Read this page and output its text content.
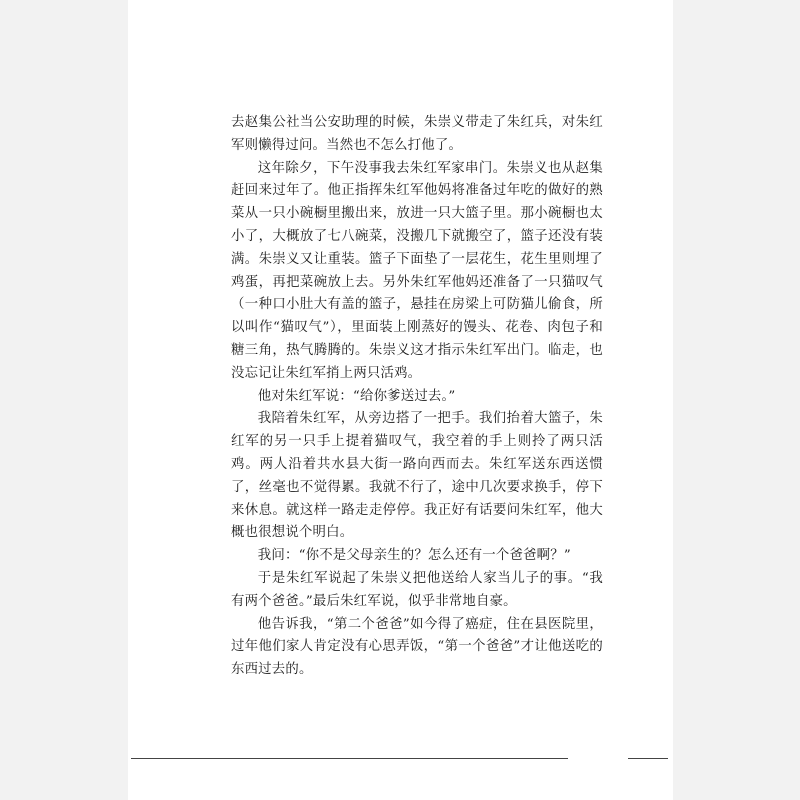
去赵集公社当公安助理的时候，朱崇义带走了朱红兵，对朱红军则懒得过问。当然也不怎么打他了。

这年除夕，下午没事我去朱红军家串门。朱崇义也从赵集赶回来过年了。他正指挥朱红军他妈将准备过年吃的做好的熟菜从一只小碗橱里搬出来，放进一只大篮子里。那小碗橱也太小了，大概放了七八碗菜，没搬几下就搬空了，篮子还没有装满。朱崇义又让重装。篮子下面垫了一层花生，花生里则埋了鸡蛋，再把菜碗放上去。另外朱红军他妈还准备了一只猫叹气（一种口小肚大有盖的篮子，悬挂在房梁上可防猫儿偷食，所以叫作“猫叹气”），里面装上刚蒸好的馒头、花卷、肉包子和糖三角，热气腾腾的。朱崇义这才指示朱红军出门。临走，也没忘记让朱红军捎上两只活鸡。

他对朱红军说：“给你爹送过去。”

我陪着朱红军，从旁边搭了一把手。我们抬着大篮子，朱红军的另一只手上提着猫叹气，我空着的手上则拎了两只活鸡。两人沿着共水县大街一路向西而去。朱红军送东西送惯了，丝毫也不觉得累。我就不行了，途中几次要求换手，停下来休息。就这样一路走走停停。我正好有话要问朱红军，他大概也很想说个明白。

我问：“你不是父母亲生的？怎么还有一个爸爸啊？”

于是朱红军说起了朱崇义把他送给人家当儿子的事。“我有两个爸爸。”最后朱红军说，似乎非常地自豪。

他告诉我，“第二个爸爸”如今得了癌症，住在县医院里，过年他们家人肯定没有心思弄饭，“第一个爸爸”才让他送吃的东西过去的。
